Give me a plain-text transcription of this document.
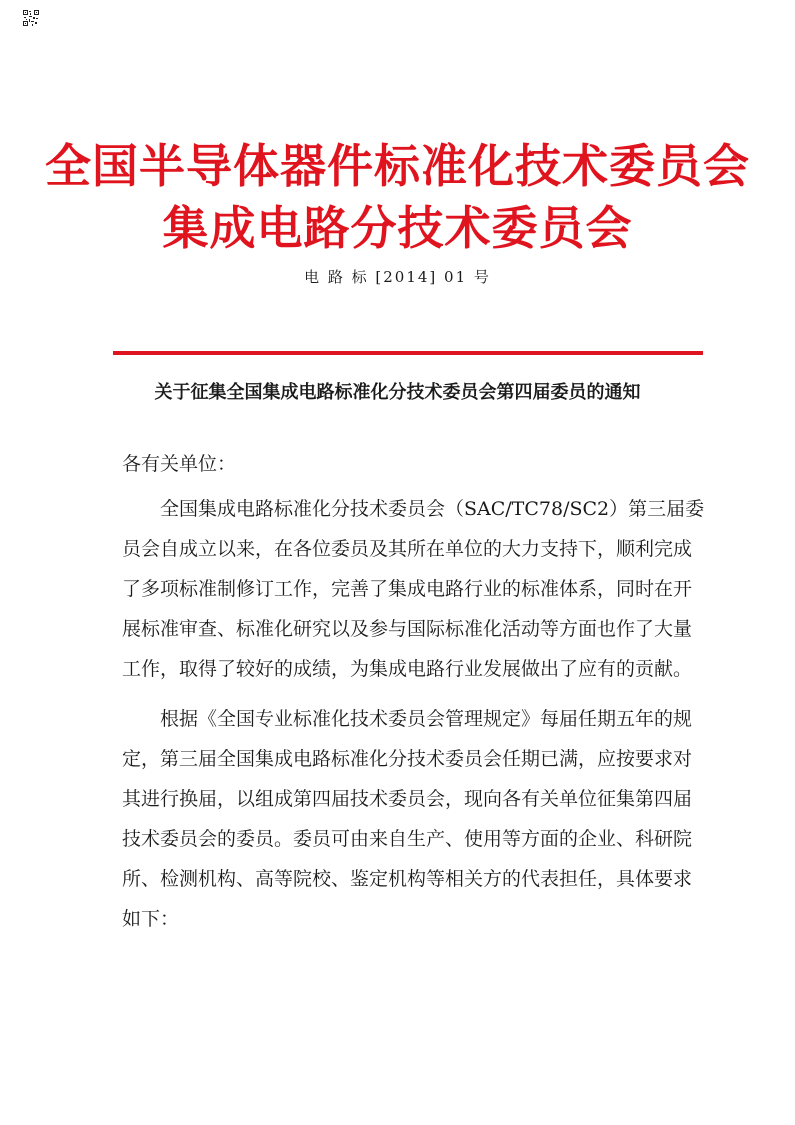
全国半导体器件标准化技术委员会
集成电路分技术委员会
电 路 标 [2014] 01 号
关于征集全国集成电路标准化分技术委员会第四届委员的通知
各有关单位：
全国集成电路标准化分技术委员会（SAC/TC78/SC2）第三届委
员会自成立以来，在各位委员及其所在单位的大力支持下，顺利完成
了多项标准制修订工作，完善了集成电路行业的标准体系，同时在开
展标准审查、标准化研究以及参与国际标准化活动等方面也作了大量
工作，取得了较好的成绩，为集成电路行业发展做出了应有的贡献。
根据《全国专业标准化技术委员会管理规定》每届任期五年的规
定，第三届全国集成电路标准化分技术委员会任期已满，应按要求对
其进行换届，以组成第四届技术委员会，现向各有关单位征集第四届
技术委员会的委员。委员可由来自生产、使用等方面的企业、科研院
所、检测机构、高等院校、鉴定机构等相关方的代表担任，具体要求
如下：
